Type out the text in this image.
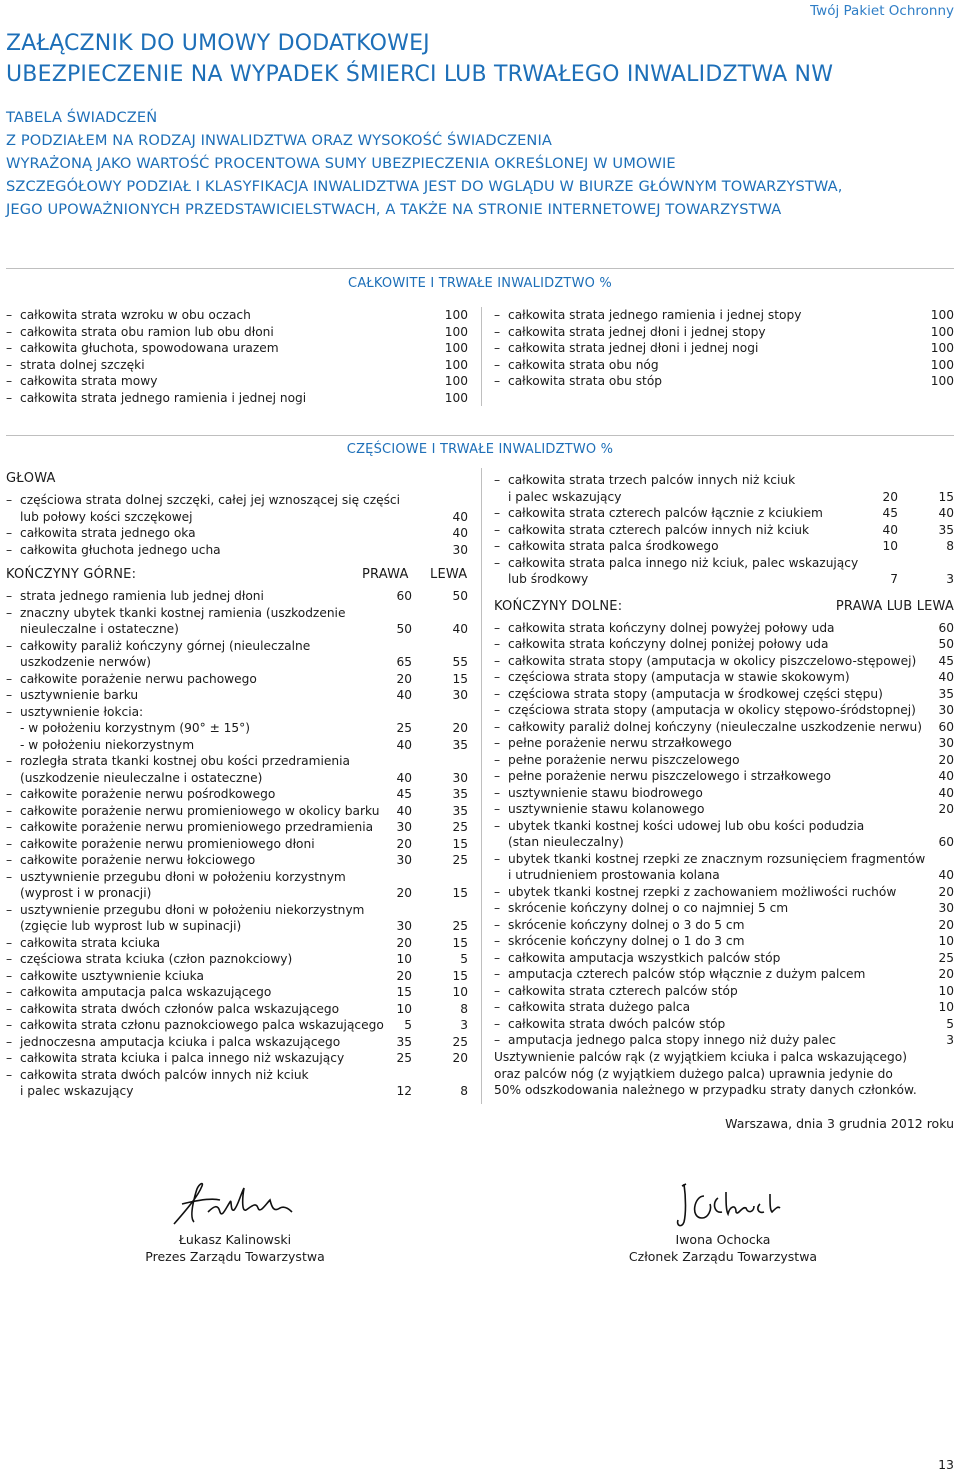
Twój Pakiet Ochronny
ZAŁĄCZNIK DO UMOWY DODATKOWEJ
UBEZPIECZENIE NA WYPADEK ŚMIERCI LUB TRWAŁEGO INWALIDZTWA NW
TABELA ŚWIADCZEŃ
Z PODZIAŁEM NA RODZAJ INWALIDZTWA ORAZ WYSOKOŚĆ ŚWIADCZENIA
WYRAŻONĄ JAKO WARTOŚĆ PROCENTOWA SUMY UBEZPIECZENIA OKREŚLONEJ W UMOWIE
SZCZEGÓŁOWY PODZIAŁ I KLASYFIKACJA INWALIDZTWA JEST DO WGLĄDU W BIURZE GŁÓWNYM TOWARZYSTWA,
JEGO UPOWAŻNIONYCH PRZEDSTAWICIELSTWACH, A TAKŻE NA STRONIE INTERNETOWEJ TOWARZYSTWA
CAŁKOWITE I TRWAŁE INWALIDZTWO %
– całkowita strata wzroku w obu oczach	100
– całkowita strata obu ramion lub obu dłoni	100
– całkowita głuchota, spowodowana urazem	100
– strata dolnej szczęki	100
– całkowita strata mowy	100
– całkowita strata jednego ramienia i jednej nogi	100
– całkowita strata jednego ramienia i jednej stopy	100
– całkowita strata jednej dłoni i jednej stopy	100
– całkowita strata jednej dłoni i jednej nogi	100
– całkowita strata obu nóg	100
– całkowita strata obu stóp	100
CZĘŚCIOWE I TRWAŁE INWALIDZTWO %
GŁOWA
– częściowa strata dolnej szczęki, całej jej wznoszącej się części
lub połowy kości szczękowej	40
– całkowita strata jednego oka	40
– całkowita głuchota jednego ucha	30
KOŃCZYNY GÓRNE:	PRAWA LEWA
– strata jednego ramienia lub jednej dłoni	60	50
– znaczny ubytek tkanki kostnej ramienia (uszkodzenie
nieuleczalne i ostateczne)	50	40
– całkowity paraliż kończyny górnej (nieuleczalne
uszkodzenie nerwów)	65	55
– całkowite porażenie nerwu pachowego	20	15
– usztywnienie barku	40	30
– usztywnienie łokcia:
- w położeniu korzystnym (90° ± 15°)	25	20
- w położeniu niekorzystnym	40	35
– rozległa strata tkanki kostnej obu kości przedramienia
(uszkodzenie nieuleczalne i ostateczne)	40	30
– całkowite porażenie nerwu pośrodkowego	45	35
– całkowite porażenie nerwu promieniowego w okolicy barku	40	35
– całkowite porażenie nerwu promieniowego przedramienia	30	25
– całkowite porażenie nerwu promieniowego dłoni	20	15
– całkowite porażenie nerwu łokciowego	30	25
– usztywnienie przegubu dłoni w położeniu korzystnym
(wyprost i w pronacji)	20	15
– usztywnienie przegubu dłoni w położeniu niekorzystnym
(zgięcie lub wyprost lub w supinacji)	30	25
– całkowita strata kciuka	20	15
– częściowa strata kciuka (człon paznokciowy)	10	5
– całkowite usztywnienie kciuka	20	15
– całkowita amputacja palca wskazującego	15	10
– całkowita strata dwóch członów palca wskazującego	10	8
– całkowita strata członu paznokciowego palca wskazującego	5	3
– jednoczesna amputacja kciuka i palca wskazującego	35	25
– całkowita strata kciuka i palca innego niż wskazujący	25	20
– całkowita strata dwóch palców innych niż kciuk
i palec wskazujący	12	8
– całkowita strata trzech palców innych niż kciuk
i palec wskazujący	20	15
– całkowita strata czterech palców łącznie z kciukiem	45	40
– całkowita strata czterech palców innych niż kciuk	40	35
– całkowita strata palca środkowego	10	8
– całkowita strata palca innego niż kciuk, palec wskazujący
lub środkowy	7	3
KOŃCZYNY DOLNE:	PRAWA LUB LEWA
– całkowita strata kończyny dolnej powyżej połowy uda	60
– całkowita strata kończyny dolnej poniżej połowy uda	50
– całkowita strata stopy (amputacja w okolicy piszczelowo-stępowej)	45
– częściowa strata stopy (amputacja w stawie skokowym)	40
– częściowa strata stopy (amputacja w środkowej części stępu)	35
– częściowa strata stopy (amputacja w okolicy stępowo-śródstopnej)	30
– całkowity paraliż dolnej kończyny (nieuleczalne uszkodzenie nerwu)	60
– pełne porażenie nerwu strzałkowego	30
– pełne porażenie nerwu piszczelowego	20
– pełne porażenie nerwu piszczelowego i strzałkowego	40
– usztywnienie stawu biodrowego	40
– usztywnienie stawu kolanowego	20
– ubytek tkanki kostnej kości udowej lub obu kości podudzia
(stan nieuleczalny)	60
– ubytek tkanki kostnej rzepki ze znacznym rozsunięciem fragmentów
i utrudnieniem prostowania kolana	40
– ubytek tkanki kostnej rzepki z zachowaniem możliwości ruchów	20
– skrócenie kończyny dolnej o co najmniej 5 cm	30
– skrócenie kończyny dolnej o 3 do 5 cm	20
– skrócenie kończyny dolnej o 1 do 3 cm	10
– całkowita amputacja wszystkich palców stóp	25
– amputacja czterech palców stóp włącznie z dużym palcem	20
– całkowita strata czterech palców stóp	10
– całkowita strata dużego palca	10
– całkowita strata dwóch palców stóp	5
– amputacja jednego palca stopy innego niż duży palec	3
Usztywnienie palców rąk (z wyjątkiem kciuka i palca wskazującego)
oraz palców nóg (z wyjątkiem dużego palca) uprawnia jedynie do
50% odszkodowania należnego w przypadku straty danych członków.
Warszawa, dnia 3 grudnia 2012 roku
Łukasz Kalinowski
Prezes Zarządu Towarzystwa
Iwona Ochocka
Członek Zarządu Towarzystwa
13
